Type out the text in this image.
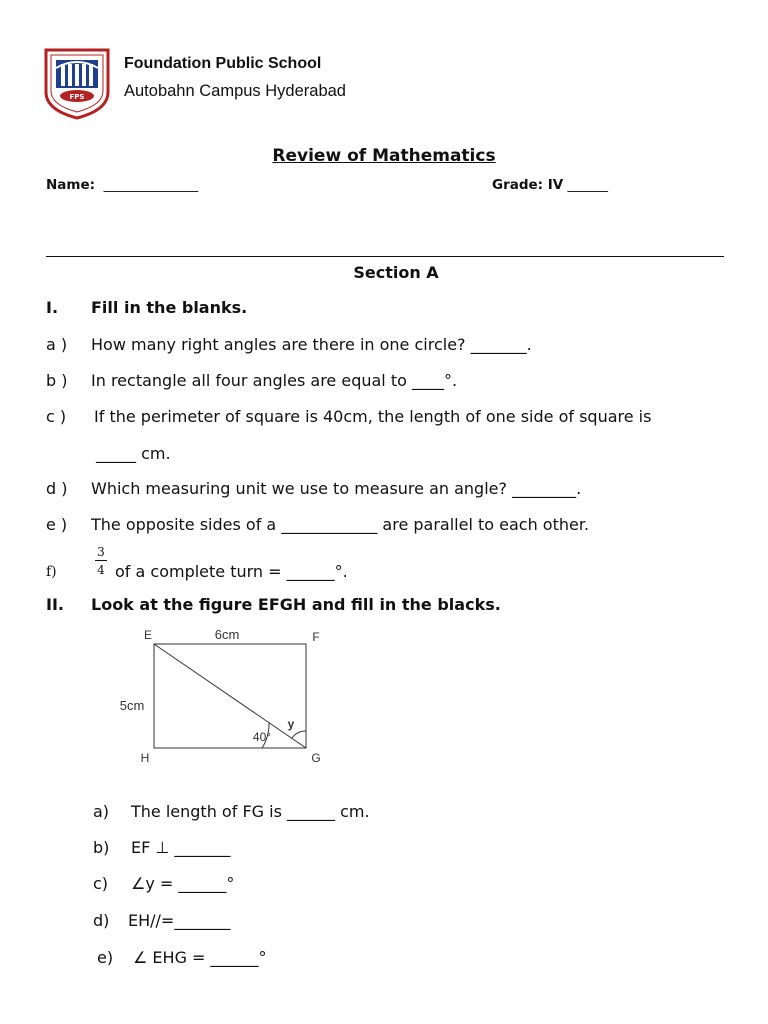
FPS
Foundation Public School
Autobahn Campus Hyderabad
Review of Mathematics
Name: ______________	Grade: IV ______
Section A
I. Fill in the blanks.
a ) How many right angles are there in one circle? _______.
b ) In rectangle all four angles are equal to ____°.
c ) If the perimeter of square is 40cm, the length of one side of square is
_____ cm.
d ) Which measuring unit we use to measure an angle? ________.
e ) The opposite sides of a ____________ are parallel to each other.
f)
3
4 of a complete turn = ______°.
II. Look at the figure EFGH and fill in the blacks.
E	F
G
H
6cm
5cm
40°
y
a) The length of FG is ______ cm.
b) EF ⊥ _______
c) ∠y = ______°
d) EH//=_______
e) ∠ EHG = ______°
